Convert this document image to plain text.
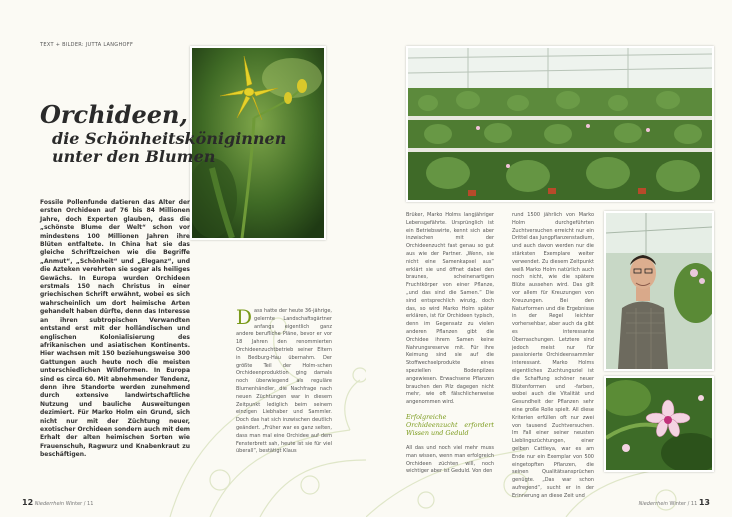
TEXT + BILDER: JUTTA LANGHOFF
Orchideen,
die Schönheitsköniginnen
unter den Blumen
Fossile Pollenfunde datieren das Alter der ersten Orchideen auf 76 bis 84 Millionen Jahre, doch Experten glauben, dass die „schönste Blume der Welt“ schon vor mindestens 100 Millionen Jahren ihre Blüten entfaltete. In China hat sie das gleiche Schriftzeichen wie die Begriffe „Anmut“, „Schönheit“ und „Eleganz“, und die Azteken verehrten sie sogar als heiliges Gewächs. In Europa wurden Orchideen erstmals 150 nach Christus in einer griechischen Schrift erwähnt, wobei es sich wahrscheinlich um dort heimische Arten gehandelt haben dürfte, denn das Interesse an ihren subtropischen Verwandten entstand erst mit der holländischen und englischen Kolonialisierung des afrikanischen und asiatischen Kontinents. Hier wachsen mit 150 beziehungsweise 300 Gattungen auch heute noch die meisten unterschiedlichen Wildformen. In Europa sind es circa 60. Mit abnehmender Tendenz, denn ihre Standorte werden zunehmend durch extensive landwirtschaftliche Nutzung und bauliche Ausweitungen dezimiert. Für Marko Holm ein Grund, sich nicht nur mit der Züchtung neuer, exotischer Orchideen sondern auch mit dem Erhalt der alten heimischen Sorten wie Frauenschuh, Ragwurz und Knabenkraut zu beschäftigen.
Dass hatte der heute 36-jährige, gelernte Landschaftsgärtner anfangs eigentlich ganz andere berufliche Pläne, bevor er vor 18 Jahren den renommierten Orchideenzuchtbetrieb seiner Eltern in Bedburg-Hau übernahm. Der größte Teil der Holm-schen Orchideenproduktion ging damals noch überwiegend als reguläre Blumenhändler, die Nachfrage nach neuen Züchtungen war in diesem Zeitpunkt lediglich beim seinem einzigen Liebhaber und Sammler. Doch das hat sich inzwischen deutlich geändert. „Früher war es ganz selten, dass man mal eine Orchidee auf dem Fensterbrett sah, heute ist sie für viel überall“, bestätigt Klaus
12 Niederrhein Winter / 11
Brüker, Marko Holms langjähriger Lebensgefährte. Ursprünglich ist ein Betriebswirte, kennt sich aber inzwischen mit der Orchideenzucht fast genau so gut aus wie der Partner. „Wenn, sie nicht eine Samenkapsel aus“ erklärt sie und öffnet dabei den braunes, scheinenartigen Fruchtkörper von einer Pflanze, „und das sind die Samen.“ Die sind entsprechlich winzig, doch das, so wird Marko Holm später erklären, ist für Orchideen typisch, denn im Gegensatz zu vielen anderen Pflanzen gibt die Orchidee ihrem Samen keine Nahrungsreserve mit. Für ihre Keimung sind sie auf die Stoffwechselprodukte eines speziellen Bodenpilzes angewiesen. Erwachsene Pflanzen brauchen den Pilz dagegen nicht mehr, wie oft fälschlicherweise angenommen wird.
Erfolgreiche Orchideenzucht erfordert Wissen und Geduld
All das und noch viel mehr muss man wissen, wenn man erfolgreich Orchideen züchten will, noch wichtiger aber ist Geduld. Von den
rund 1500 jährlich von Marko Holm durchgeführten Zuchtversuchen erreicht nur ein Drittel das Jungpflanzenstadium, und auch davon werden nur die stärksten Exemplare weiter verwendet. Zu diesem Zeitpunkt weiß Marko Holm natürlich auch noch nicht, wie die spätere Blüte aussehen wird. Das gilt vor allem für Kreuzungen von Kreuzungen. Bei den Naturformen und die Ergebnisse in der Regel leichter vorhersehbar, aber auch da gibt es interessante Überraschungen. Letztere sind jedoch meist nur für passionierte Orchideensammler interessant. Marko Holms eigentliches Zuchtungsziel ist die Schaffung schöner neuer Blütenformen und -farben, wobei auch die Vitalität und Gesundheit der Pflanzen sehr eine große Rolle spielt. All diese Kriterien erfüllen oft nur zwei von tausend Zuchtversuchen. Im Fall einer seiner neusten Lieblingszüchtungen, einer gelben Cattleya, war es am Ende nur ein Exemplar von 500 eingetopften Pflanzen, die seinen Qualitätsansprüchen genügte. „Das war schon aufregend“, sucht er in der Erinnerung an diese Zeit und
Niederrhein Winter / 11 13
